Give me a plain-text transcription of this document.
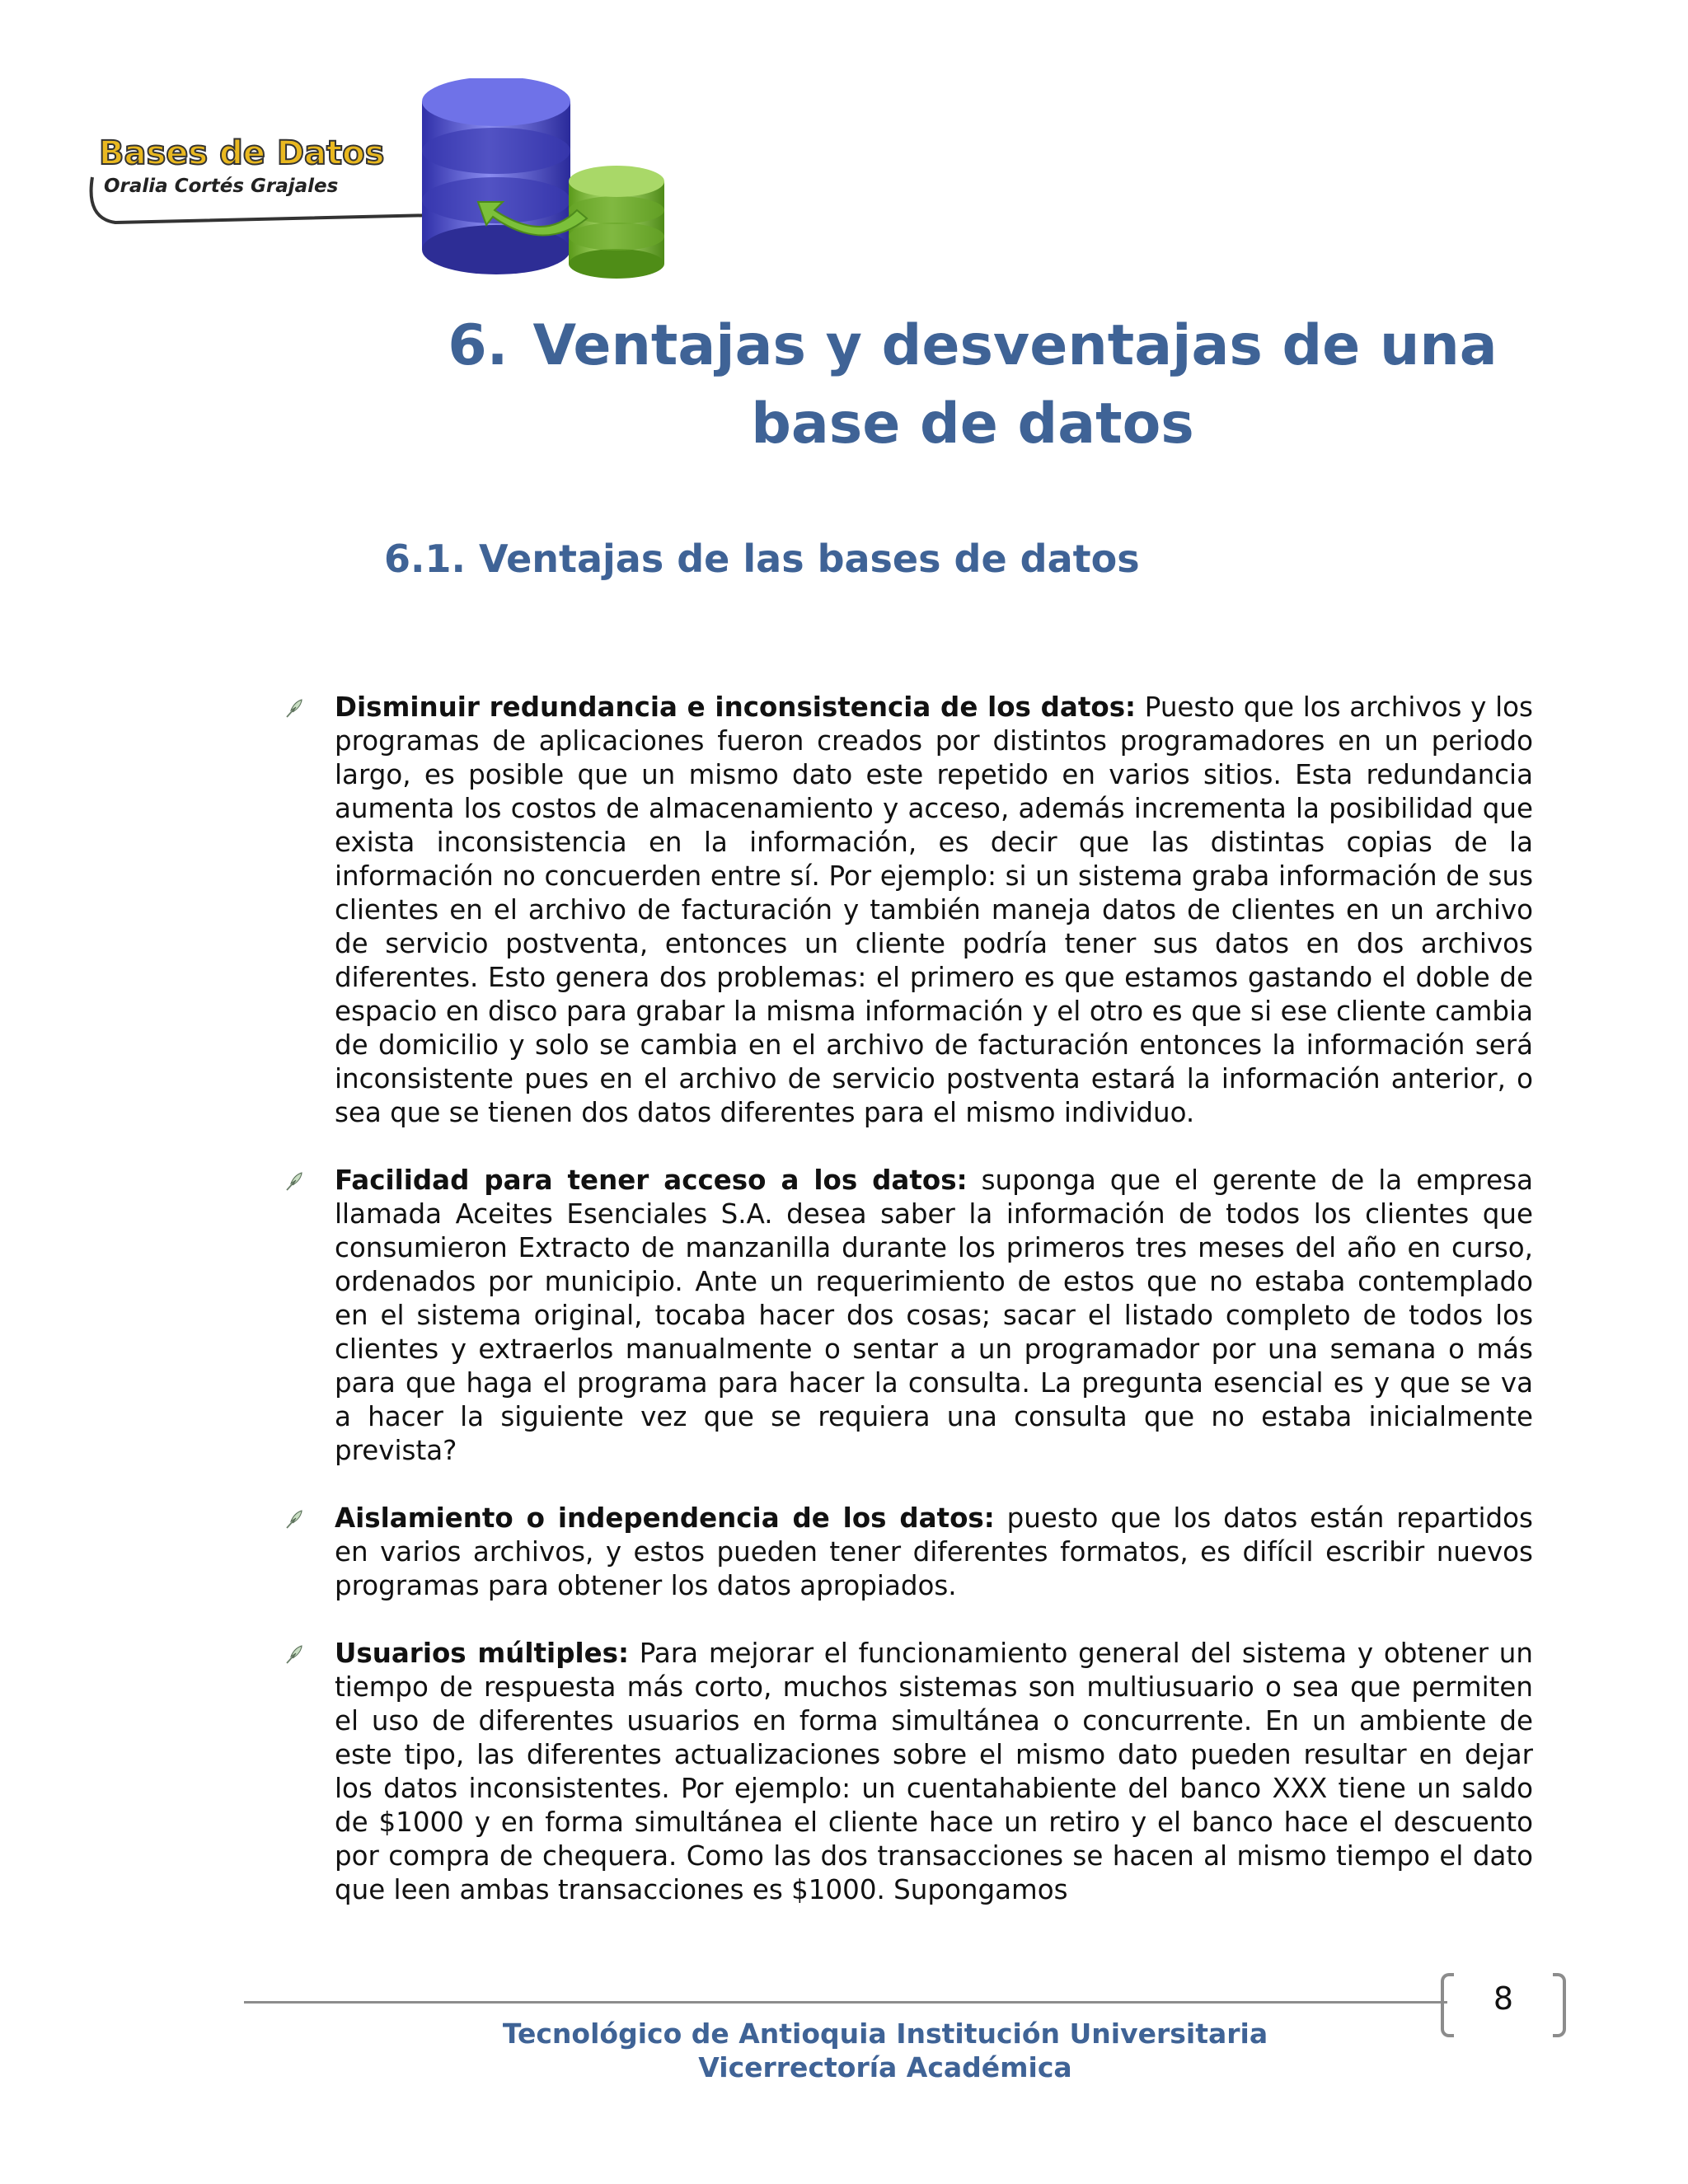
Bases de Datos
Oralia Cortés Grajales
6. Ventajas y desventajas de una
base de datos
6.1. Ventajas de las bases de datos

Disminuir redundancia e inconsistencia de los datos: Puesto que los archivos y los programas de aplicaciones fueron creados por distintos programadores en un periodo largo, es posible que un mismo dato este repetido en varios sitios. Esta redundancia aumenta los costos de almacenamiento y acceso, además incrementa la posibilidad que exista inconsistencia en la información, es decir que las distintas copias de la información no concuerden entre sí. Por ejemplo: si un sistema graba información de sus clientes en el archivo de facturación y también maneja datos de clientes en un archivo de servicio postventa, entonces un cliente podría tener sus datos en dos archivos diferentes. Esto genera dos problemas: el primero es que estamos gastando el doble de espacio en disco para grabar la misma información y el otro es que si ese cliente cambia de domicilio y solo se cambia en el archivo de facturación entonces la información será inconsistente pues en el archivo de servicio postventa estará la información anterior, o sea que se tienen dos datos diferentes para el mismo individuo.

Facilidad para tener acceso a los datos: suponga que el gerente de la empresa llamada Aceites Esenciales S.A. desea saber la información de todos los clientes que consumieron Extracto de manzanilla durante los primeros tres meses del año en curso, ordenados por municipio. Ante un requerimiento de estos que no estaba contemplado en el sistema original, tocaba hacer dos cosas; sacar el listado completo de todos los clientes y extraerlos manualmente o sentar a un programador por una semana o más para que haga el programa para hacer la consulta. La pregunta esencial es y que se va a hacer la siguiente vez que se requiera una consulta que no estaba inicialmente prevista?

Aislamiento o independencia de los datos: puesto que los datos están repartidos en varios archivos, y estos pueden tener diferentes formatos, es difícil escribir nuevos programas para obtener los datos apropiados.

Usuarios múltiples: Para mejorar el funcionamiento general del sistema y obtener un tiempo de respuesta más corto, muchos sistemas son multiusuario o sea que permiten el uso de diferentes usuarios en forma simultánea o concurrente. En un ambiente de este tipo, las diferentes actualizaciones sobre el mismo dato pueden resultar en dejar los datos inconsistentes. Por ejemplo: un cuentahabiente del banco XXX tiene un saldo de $1000 y en forma simultánea el cliente hace un retiro y el banco hace el descuento por compra de chequera. Como las dos transacciones se hacen al mismo tiempo el dato que leen ambas transacciones es $1000. Supongamos

8
Tecnológico de Antioquia Institución Universitaria
Vicerrectoría Académica
